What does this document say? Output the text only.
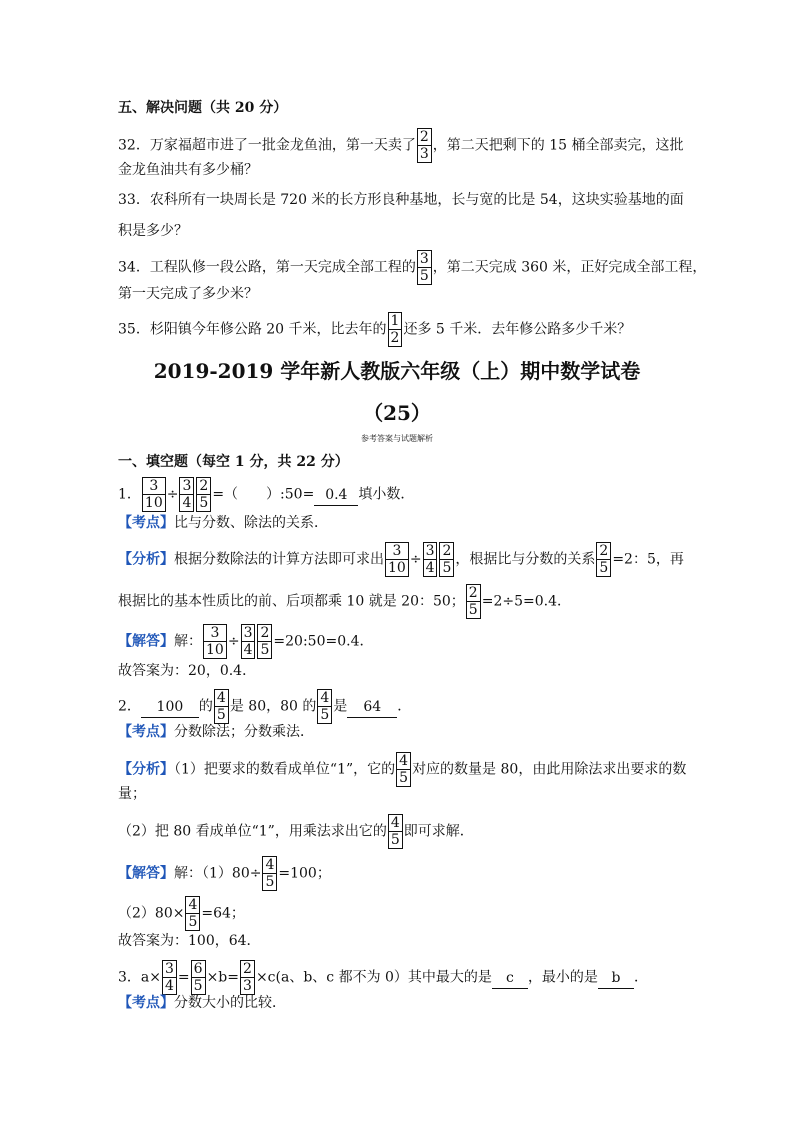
五、解决问题（共 20 分）
32．万家福超市进了一批金龙鱼油，第一天卖了 $\frac{2}{3}$ ，第二天把剩下的 15 桶全部卖完，这批
金龙鱼油共有多少桶？
33．农科所有一块周长是 720 米的长方形良种基地，长与宽的比是 54，这块实验基地的面
积是多少？
34．工程队修一段公路，第一天完成全部工程的 $\frac{3}{5}$ ，第二天完成 360 米，正好完成全部工程，
第一天完成了多少米？
35．杉阳镇今年修公路 20 千米，比去年的 $\frac{1}{2}$ 还多 5 千米．去年修公路多少千米？
2019-2019 学年新人教版六年级（上）期中数学试卷
（25）
参考答案与试题解析
一、填空题（每空 1 分，共 22 分）
1． $\frac{3}{10} \div \frac{3}{4} \frac{2}{5}$ =（　　）:50= 0.4 填小数．
【考点】比与分数、除法的关系．
【分析】根据分数除法的计算方法即可求出 $\frac{3}{10} \div \frac{3}{4} \frac{2}{5}$ ，根据比与分数的关系 $\frac{2}{5} =2$：5，再
根据比的基本性质比的前、后项都乘 10 就是 20：50； $\frac{2}{5} =2\div 5=0.4$．
【解答】解： $\frac{3}{10} \div \frac{3}{4} \frac{2}{5}$ =20:50=0.4．
故答案为：20，0.4．
2． 100 的 $\frac{4}{5}$ 是 80，80 的 $\frac{4}{5}$ 是 64 ．
【考点】分数除法；分数乘法．
【分析】（1）把要求的数看成单位“1”，它的 $\frac{4}{5}$ 对应的数量是 80，由此用除法求出要求的数
量；
（2）把 80 看成单位“1”，用乘法求出它的 $\frac{4}{5}$ 即可求解．
【解答】解：$(1)80\div \frac{4}{5} =100$；
$(2)80\times \frac{4}{5} =64$；
故答案为：100，64．
3．$a\times \frac{3}{4} = \frac{6}{5} \times b= \frac{2}{3} \times c(a$、b、c 都不为 0）其中最大的是 c ，最小的是 b ．
【考点】分数大小的比较．
